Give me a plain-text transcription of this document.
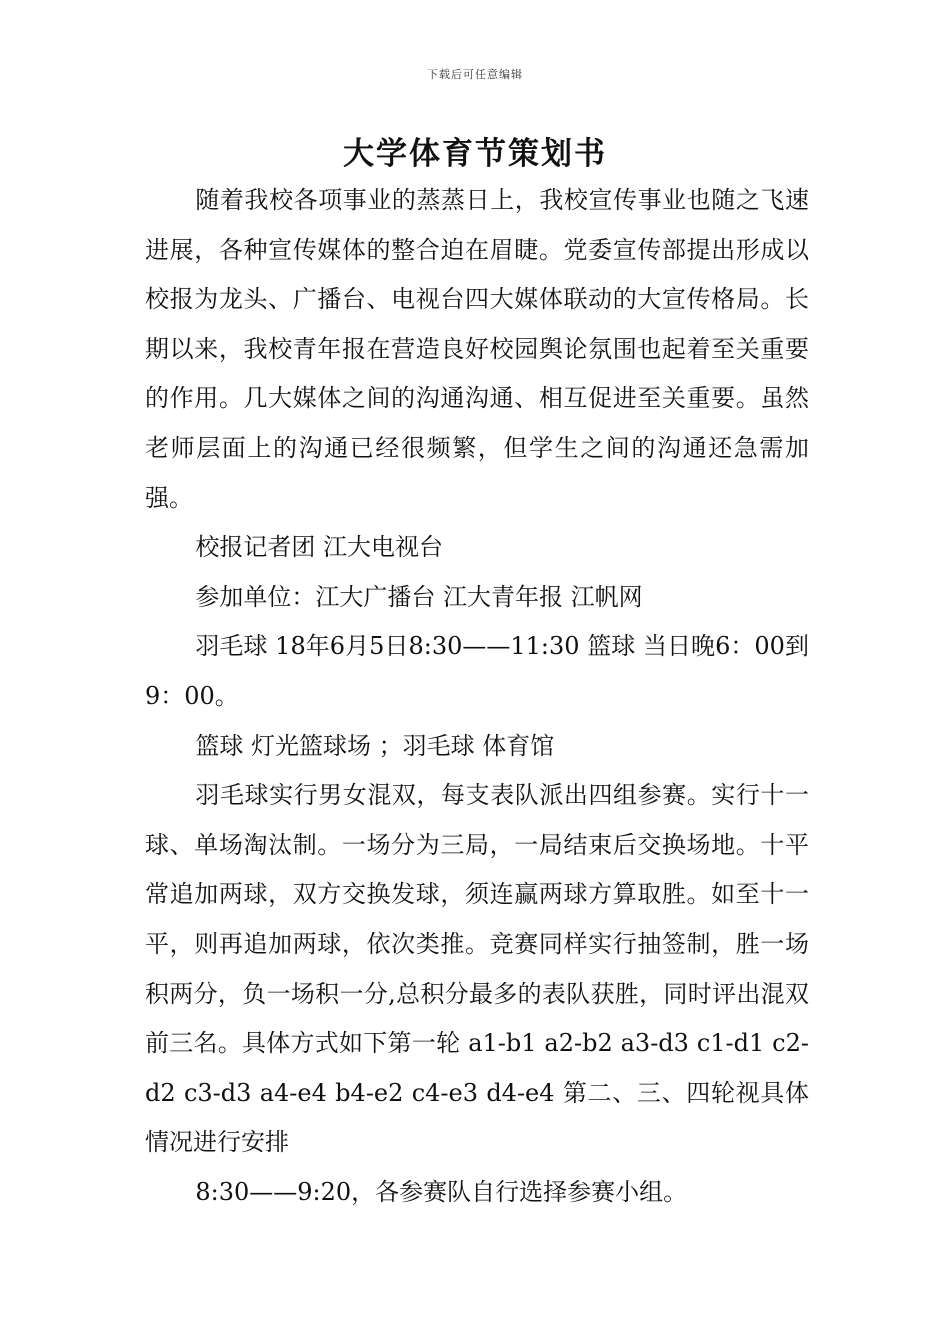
下载后可任意编辑
大学体育节策划书

随着我校各项事业的蒸蒸日上，我校宣传事业也随之飞速进展，各种宣传媒体的整合迫在眉睫。党委宣传部提出形成以校报为龙头、广播台、电视台四大媒体联动的大宣传格局。长期以来，我校青年报在营造良好校园舆论氛围也起着至关重要的作用。几大媒体之间的沟通沟通、相互促进至关重要。虽然老师层面上的沟通已经很频繁，但学生之间的沟通还急需加强。

校报记者团 江大电视台

参加单位：江大广播台 江大青年报 江帆网

羽毛球 18年6月5日8:30——11:30 篮球 当日晚6：00到9：00。

篮球 灯光篮球场 ；羽毛球 体育馆

羽毛球实行男女混双，每支表队派出四组参赛。实行十一球、单场淘汰制。一场分为三局，一局结束后交换场地。十平常追加两球，双方交换发球，须连赢两球方算取胜。如至十一平，则再追加两球，依次类推。竞赛同样实行抽签制，胜一场积两分，负一场积一分,总积分最多的表队获胜，同时评出混双前三名。具体方式如下第一轮 a1-b1 a2-b2 a3-d3 c1-d1 c2-d2 c3-d3 a4-e4 b4-e2 c4-e3 d4-e4 第二、三、四轮视具体情况进行安排

8:30——9:20，各参赛队自行选择参赛小组。
